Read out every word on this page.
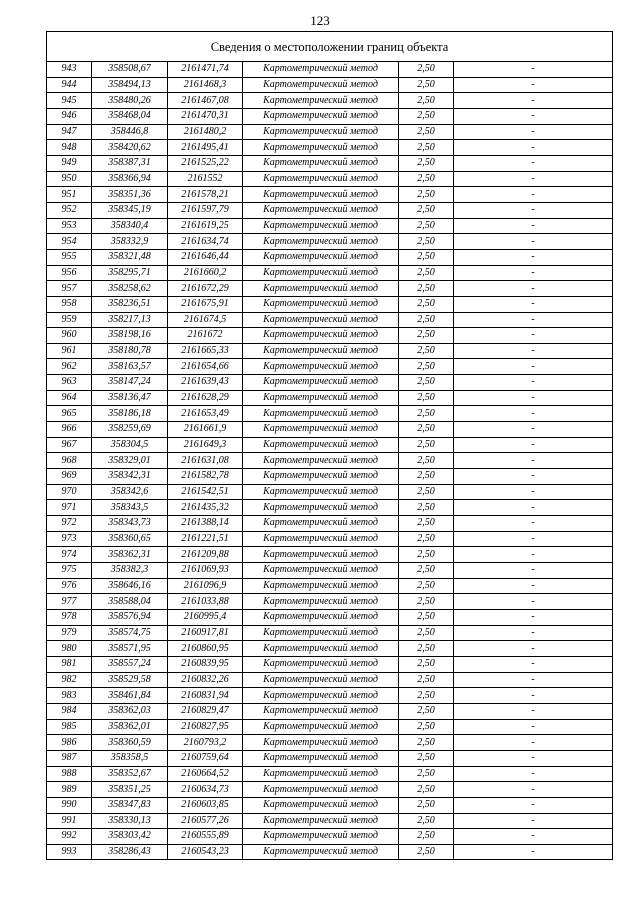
123
Сведения о местоположении границ объекта					
943	358508,67	2161471,74	Картометрический метод	2,50	-
944	358494,13	2161468,3	Картометрический метод	2,50	-
945	358480,26	2161467,08	Картометрический метод	2,50	-
946	358468,04	2161470,31	Картометрический метод	2,50	-
947	358446,8	2161480,2	Картометрический метод	2,50	-
948	358420,62	2161495,41	Картометрический метод	2,50	-
949	358387,31	2161525,22	Картометрический метод	2,50	-
950	358366,94	2161552	Картометрический метод	2,50	-
951	358351,36	2161578,21	Картометрический метод	2,50	-
952	358345,19	2161597,79	Картометрический метод	2,50	-
953	358340,4	2161619,25	Картометрический метод	2,50	-
954	358332,9	2161634,74	Картометрический метод	2,50	-
955	358321,48	2161646,44	Картометрический метод	2,50	-
956	358295,71	2161660,2	Картометрический метод	2,50	-
957	358258,62	2161672,29	Картометрический метод	2,50	-
958	358236,51	2161675,91	Картометрический метод	2,50	-
959	358217,13	2161674,5	Картометрический метод	2,50	-
960	358198,16	2161672	Картометрический метод	2,50	-
961	358180,78	2161665,33	Картометрический метод	2,50	-
962	358163,57	2161654,66	Картометрический метод	2,50	-
963	358147,24	2161639,43	Картометрический метод	2,50	-
964	358136,47	2161628,29	Картометрический метод	2,50	-
965	358186,18	2161653,49	Картометрический метод	2,50	-
966	358259,69	2161661,9	Картометрический метод	2,50	-
967	358304,5	2161649,3	Картометрический метод	2,50	-
968	358329,01	2161631,08	Картометрический метод	2,50	-
969	358342,31	2161582,78	Картометрический метод	2,50	-
970	358342,6	2161542,51	Картометрический метод	2,50	-
971	358343,5	2161435,32	Картометрический метод	2,50	-
972	358343,73	2161388,14	Картометрический метод	2,50	-
973	358360,65	2161221,51	Картометрический метод	2,50	-
974	358362,31	2161209,88	Картометрический метод	2,50	-
975	358382,3	2161069,93	Картометрический метод	2,50	-
976	358646,16	2161096,9	Картометрический метод	2,50	-
977	358588,04	2161033,88	Картометрический метод	2,50	-
978	358576,94	2160995,4	Картометрический метод	2,50	-
979	358574,75	2160917,81	Картометрический метод	2,50	-
980	358571,95	2160860,95	Картометрический метод	2,50	-
981	358557,24	2160839,95	Картометрический метод	2,50	-
982	358529,58	2160832,26	Картометрический метод	2,50	-
983	358461,84	2160831,94	Картометрический метод	2,50	-
984	358362,03	2160829,47	Картометрический метод	2,50	-
985	358362,01	2160827,95	Картометрический метод	2,50	-
986	358360,59	2160793,2	Картометрический метод	2,50	-
987	358358,5	2160759,64	Картометрический метод	2,50	-
988	358352,67	2160664,52	Картометрический метод	2,50	-
989	358351,25	2160634,73	Картометрический метод	2,50	-
990	358347,83	2160603,85	Картометрический метод	2,50	-
991	358330,13	2160577,26	Картометрический метод	2,50	-
992	358303,42	2160555,89	Картометрический метод	2,50	-
993	358286,43	2160543,23	Картометрический метод	2,50	-
